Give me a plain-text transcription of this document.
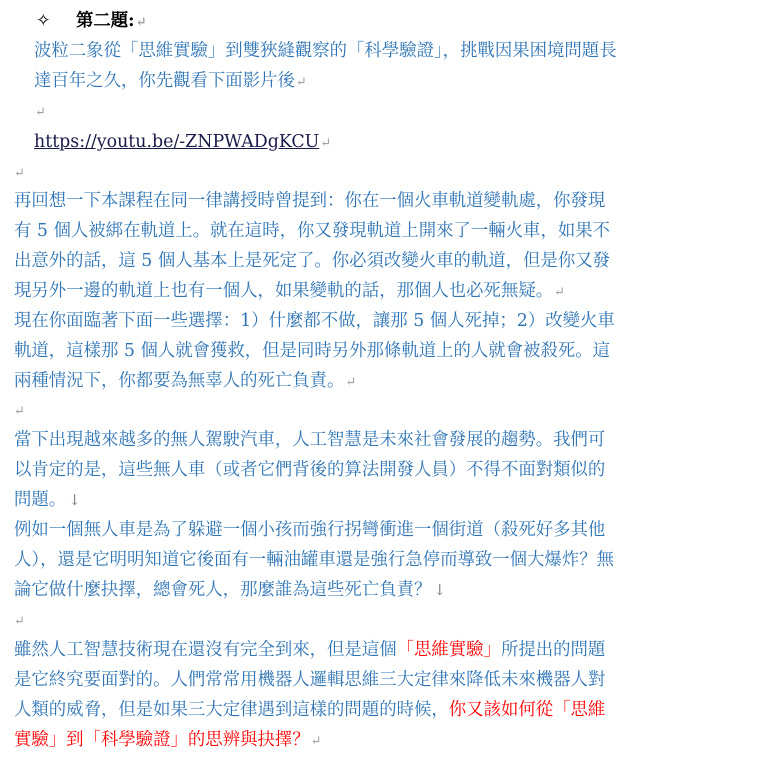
✧ 第二題:↵
波粒二象從「思維實驗」到雙狹縫觀察的「科學驗證」，挑戰因果困境問題長
達百年之久，你先觀看下面影片後↵
↵
https://youtu.be/-ZNPWADgKCU↵
↵
再回想一下本課程在同一律講授時曾提到：你在一個火車軌道變軌處，你發現
有 5 個人被綁在軌道上。就在這時，你又發現軌道上開來了一輛火車，如果不
出意外的話，這 5 個人基本上是死定了。你必須改變火車的軌道，但是你又發
現另外一邊的軌道上也有一個人，如果變軌的話，那個人也必死無疑。↵
現在你面臨著下面一些選擇：1）什麼都不做，讓那 5 個人死掉；2）改變火車
軌道，這樣那 5 個人就會獲救，但是同時另外那條軌道上的人就會被殺死。這
兩種情況下，你都要為無辜人的死亡負責。↵
↵
當下出現越來越多的無人駕駛汽車，人工智慧是未來社會發展的趨勢。我們可
以肯定的是，這些無人車（或者它們背後的算法開發人員）不得不面對類似的
問題。 ↓
例如一個無人車是為了躲避一個小孩而強行拐彎衝進一個街道（殺死好多其他
人），還是它明明知道它後面有一輛油罐車還是強行急停而導致一個大爆炸？無
論它做什麼抉擇，總會死人，那麼誰為這些死亡負責？ ↓
↵
雖然人工智慧技術現在還沒有完全到來，但是這個「思維實驗」所提出的問題
是它終究要面對的。人們常常用機器人邏輯思維三大定律來降低未來機器人對
人類的威脅，但是如果三大定律遇到這樣的問題的時候，你又該如何從「思維
實驗」到「科學驗證」的思辨與抉擇？↵
